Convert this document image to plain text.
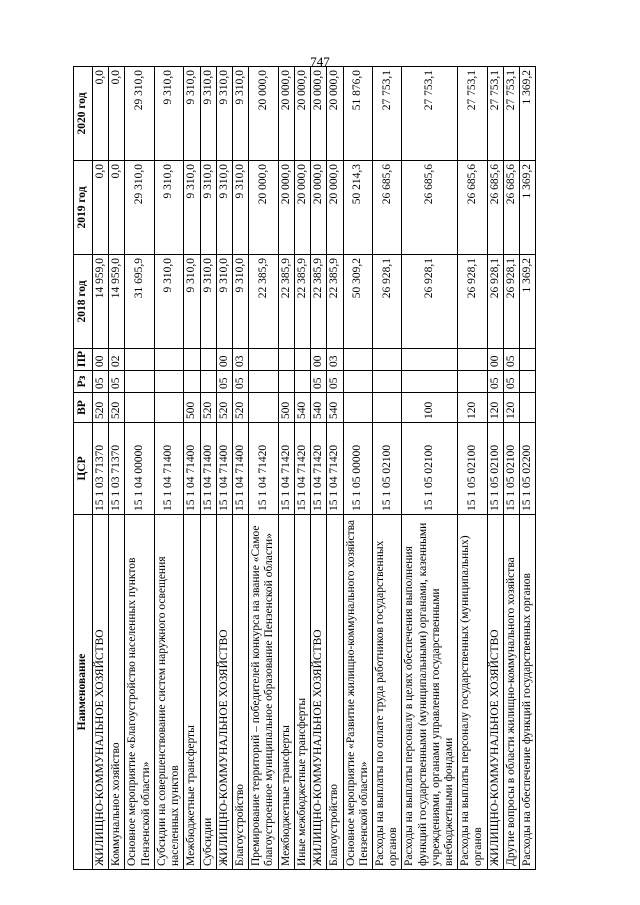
747
Наименование	ЦСР	ВР	Рз	ПР	2018 год	2019 год	2020 год
ЖИЛИЩНО-КОММУНАЛЬНОЕ ХОЗЯЙСТВО	15 1 03 71370	520	05	00	14 959,0	0,0	0,0
Коммунальное хозяйство	15 1 03 71370	520	05	02	14 959,0	0,0	0,0
Основное мероприятие «Благоустройство населенных пунктов Пензенской области»	15 1 04 00000				31 695,9	29 310,0	29 310,0
Субсидии на совершенствование систем наружного освещения населенных пунктов	15 1 04 71400				9 310,0	9 310,0	9 310,0
Межбюджетные трансферты	15 1 04 71400	500			9 310,0	9 310,0	9 310,0
Субсидии	15 1 04 71400	520			9 310,0	9 310,0	9 310,0
ЖИЛИЩНО-КОММУНАЛЬНОЕ ХОЗЯЙСТВО	15 1 04 71400	520	05	00	9 310,0	9 310,0	9 310,0
Благоустройство	15 1 04 71400	520	05	03	9 310,0	9 310,0	9 310,0
Премирование территорий – победителей конкурса на звание «Самое благоустроенное муниципальное образование Пензенской области»	15 1 04 71420				22 385,9	20 000,0	20 000,0
Межбюджетные трансферты	15 1 04 71420	500			22 385,9	20 000,0	20 000,0
Иные межбюджетные трансферты	15 1 04 71420	540			22 385,9	20 000,0	20 000,0
ЖИЛИЩНО-КОММУНАЛЬНОЕ ХОЗЯЙСТВО	15 1 04 71420	540	05	00	22 385,9	20 000,0	20 000,0
Благоустройство	15 1 04 71420	540	05	03	22 385,9	20 000,0	20 000,0
Основное мероприятие «Развитие жилищно-коммунального хозяйства Пензенской области»	15 1 05 00000				50 309,2	50 214,3	51 876,0
Расходы на выплаты по оплате труда работников государственных органов	15 1 05 02100				26 928,1	26 685,6	27 753,1
Расходы на выплаты персоналу в целях обеспечения выполнения функций государственными (муниципальными) органами, казенными учреждениями, органами управления государственными внебюджетными фондами	15 1 05 02100	100			26 928,1	26 685,6	27 753,1
Расходы на выплаты персоналу государственных (муниципальных) органов	15 1 05 02100	120			26 928,1	26 685,6	27 753,1
ЖИЛИЩНО-КОММУНАЛЬНОЕ ХОЗЯЙСТВО	15 1 05 02100	120	05	00	26 928,1	26 685,6	27 753,1
Другие вопросы в области жилищно-коммунального хозяйства	15 1 05 02100	120	05	05	26 928,1	26 685,6	27 753,1
Расходы на обеспечение функций государственных органов	15 1 05 02200				1 369,2	1 369,2	1 369,2
